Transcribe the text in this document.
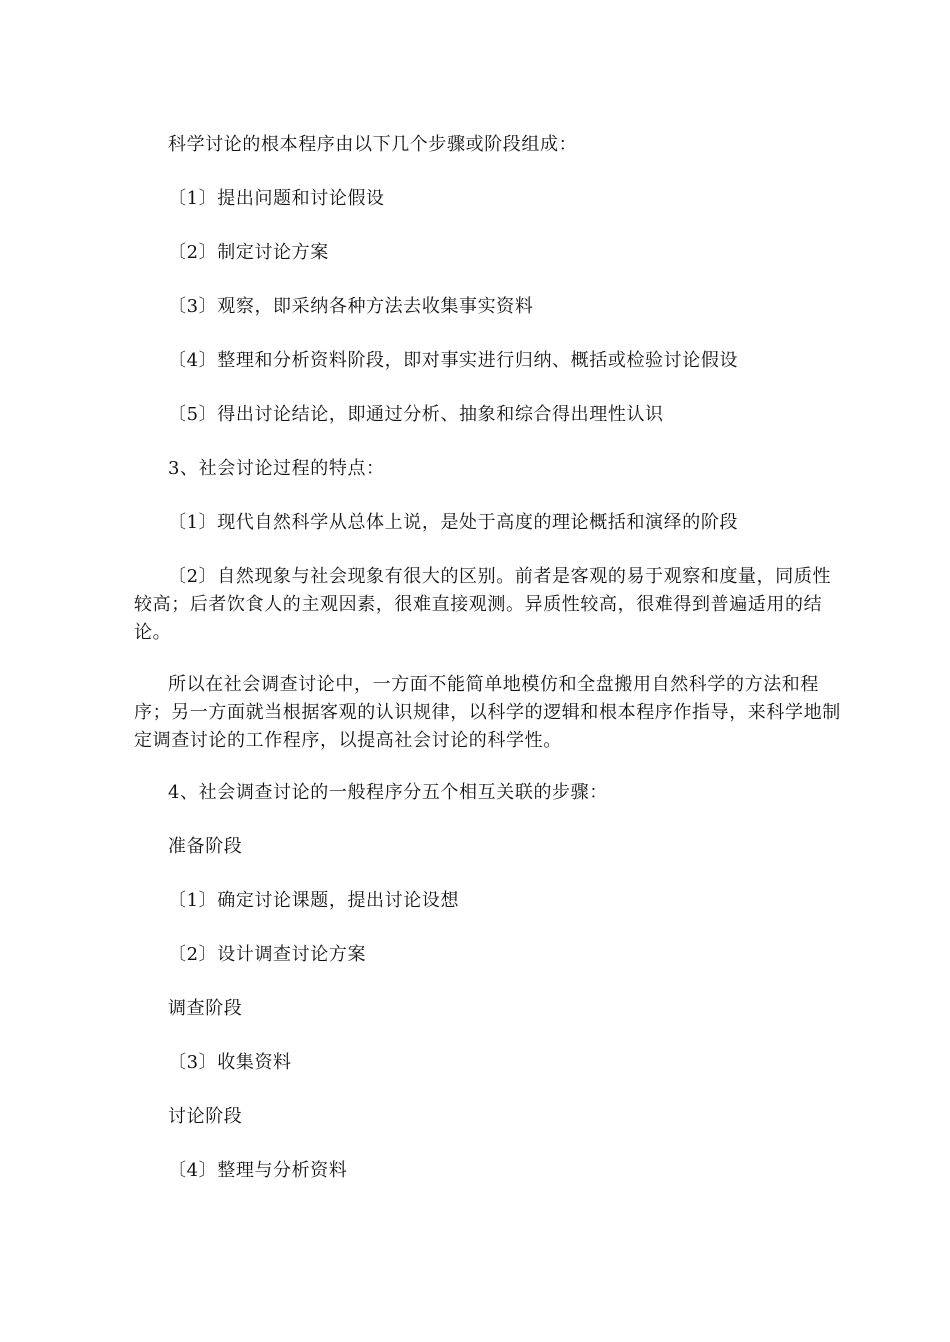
科学讨论的根本程序由以下几个步骤或阶段组成：

〔1〕提出问题和讨论假设

〔2〕制定讨论方案

〔3〕观察，即采纳各种方法去收集事实资料

〔4〕整理和分析资料阶段，即对事实进行归纳、概括或检验讨论假设

〔5〕得出讨论结论，即通过分析、抽象和综合得出理性认识

3、社会讨论过程的特点：

〔1〕现代自然科学从总体上说，是处于高度的理论概括和演绎的阶段

〔2〕自然现象与社会现象有很大的区别。前者是客观的易于观察和度量，同质性较高；后者饮食人的主观因素，很难直接观测。异质性较高，很难得到普遍适用的结论。

所以在社会调查讨论中，一方面不能简单地模仿和全盘搬用自然科学的方法和程序；另一方面就当根据客观的认识规律，以科学的逻辑和根本程序作指导，来科学地制定调查讨论的工作程序，以提高社会讨论的科学性。

4、社会调查讨论的一般程序分五个相互关联的步骤：

准备阶段

〔1〕确定讨论课题，提出讨论设想

〔2〕设计调查讨论方案

调查阶段

〔3〕收集资料

讨论阶段

〔4〕整理与分析资料
